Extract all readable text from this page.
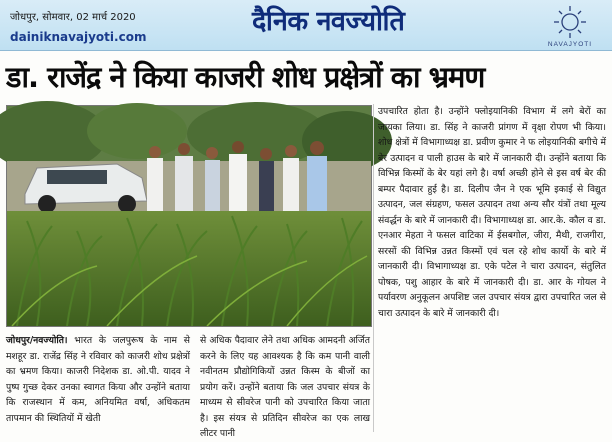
जोधपुर, सोमवार, 02 मार्च 2020
dainiknavajyoti.com	दैनिक नवज्योति
NAVAJYOTI
डा. राजेंद्र ने किया काजरी शोध प्रक्षेत्रों का भ्रमण
जोधपुर/नवज्योति। भारत के जलपुरूष के नाम से मशहूर डा. राजेंद्र सिंह ने रविवार को काजरी शोध प्रक्षेत्रों का भ्रमण किया। काजरी निदेशक डा. ओ.पी. यादव ने पुष्प गुच्छ देकर उनका स्वागत किया और उन्होंने बताया कि राजस्थान में कम, अनियमित वर्षा, अधिकतम तापमान की स्थितियों में खेती
से अधिक पैदावार लेने तथा अधिक आमदनी अर्जित करने के लिए यह आवश्यक है कि कम पानी वाली नवीनतम प्रौद्योगिकियों उन्नत किस्म के बीजों का प्रयोग करें। उन्होंने बताया कि जल उपचार संयत्र के माध्यम से सीवरेज पानी को उपचारित किया जाता है। इस संयत्र से प्रतिदिन सीवरेज का एक लाख लीटर पानी
उपचारित होता है। उन्होंने फ्लोइयानिकी विभाग में लगे बेरों का जायका लिया। डा. सिंह ने काजरी प्रांगण में वृक्षा रोपण भी किया। शोध क्षेत्रों में विभागाध्यक्ष डा. प्रवीण कुमार ने फ लोइयानिकी बगीचे में बेर उत्पादन व पाली हाउस के बारे में जानकारी दी। उन्होंने बताया कि विभिन्न किस्मों के बेर यहां लगे है। वर्षा अच्छी होने से इस वर्ष बेर की बम्पर पैदावार हुई है। डा. दिलीप जैन ने एक भूमि इकाई से विद्युत उत्पादन, जल संग्रहण, फसल उत्पादन तथा अन्य सौर यंत्रों तथा मूल्य संवर्द्धन के बारे में जानकारी दी। विभागाध्यक्ष डा. आर.के. कौल व डा. एनआर मेहता ने फसल वाटिका में ईसबगोल, जीरा, मैथी, राजगीरा, सरसों की विभिन्न उन्नत किस्मों एवं चल रहे शोध कार्यो के बारे में जानकारी दी। विभागाध्यक्ष डा. एके पटेल ने चारा उत्पादन, संतुलित पोषक, पशु आहार के बारे में जानकारी दी। डा. आर के गोयल ने पर्यावरण अनुकूलन अपशिष्ट जल उपचार संयत्र द्वारा उपचारित जल से चारा उत्पादन के बारे में जानकारी दी।
